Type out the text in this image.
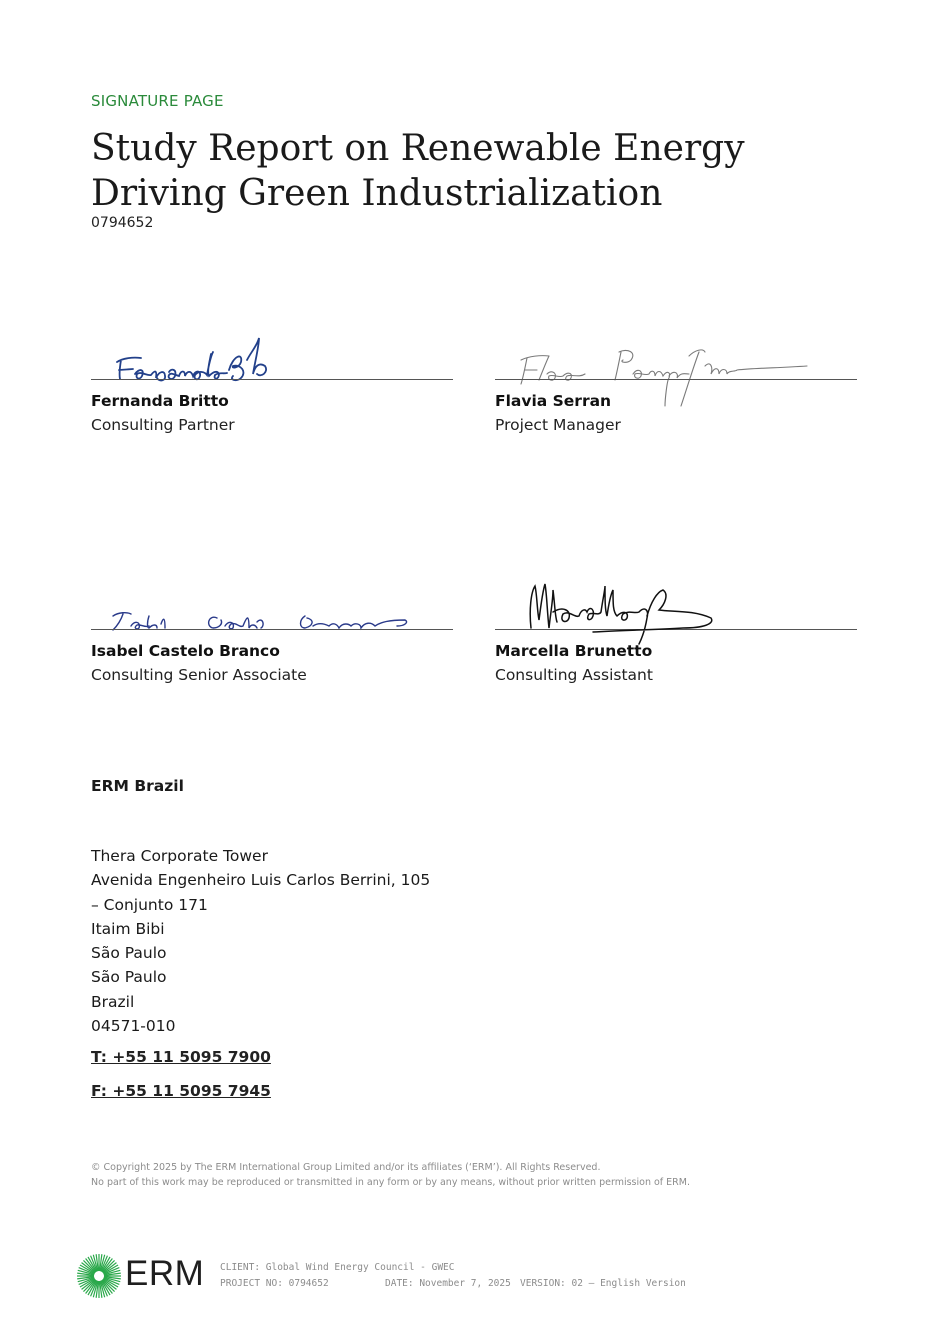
SIGNATURE PAGE
Study Report on Renewable Energy Driving Green Industrialization
0794652
Fernanda Britto
Consulting Partner
Flavia Serran
Project Manager
Isabel Castelo Branco
Consulting Senior Associate
Marcella Brunetto
Consulting Assistant
ERM Brazil
Thera Corporate Tower
Avenida Engenheiro Luis Carlos Berrini, 105
– Conjunto 171
Itaim Bibi
São Paulo
São Paulo
Brazil
04571-010
T: +55 11 5095 7900
F: +55 11 5095 7945
© Copyright 2025 by The ERM International Group Limited and/or its affiliates (‘ERM’). All Rights Reserved.
No part of this work may be reproduced or transmitted in any form or by any means, without prior written permission of ERM.
ERM CLIENT: Global Wind Energy Council - GWEC
PROJECT NO: 0794652	DATE: November 7, 2025 VERSION: 02 – English Version
